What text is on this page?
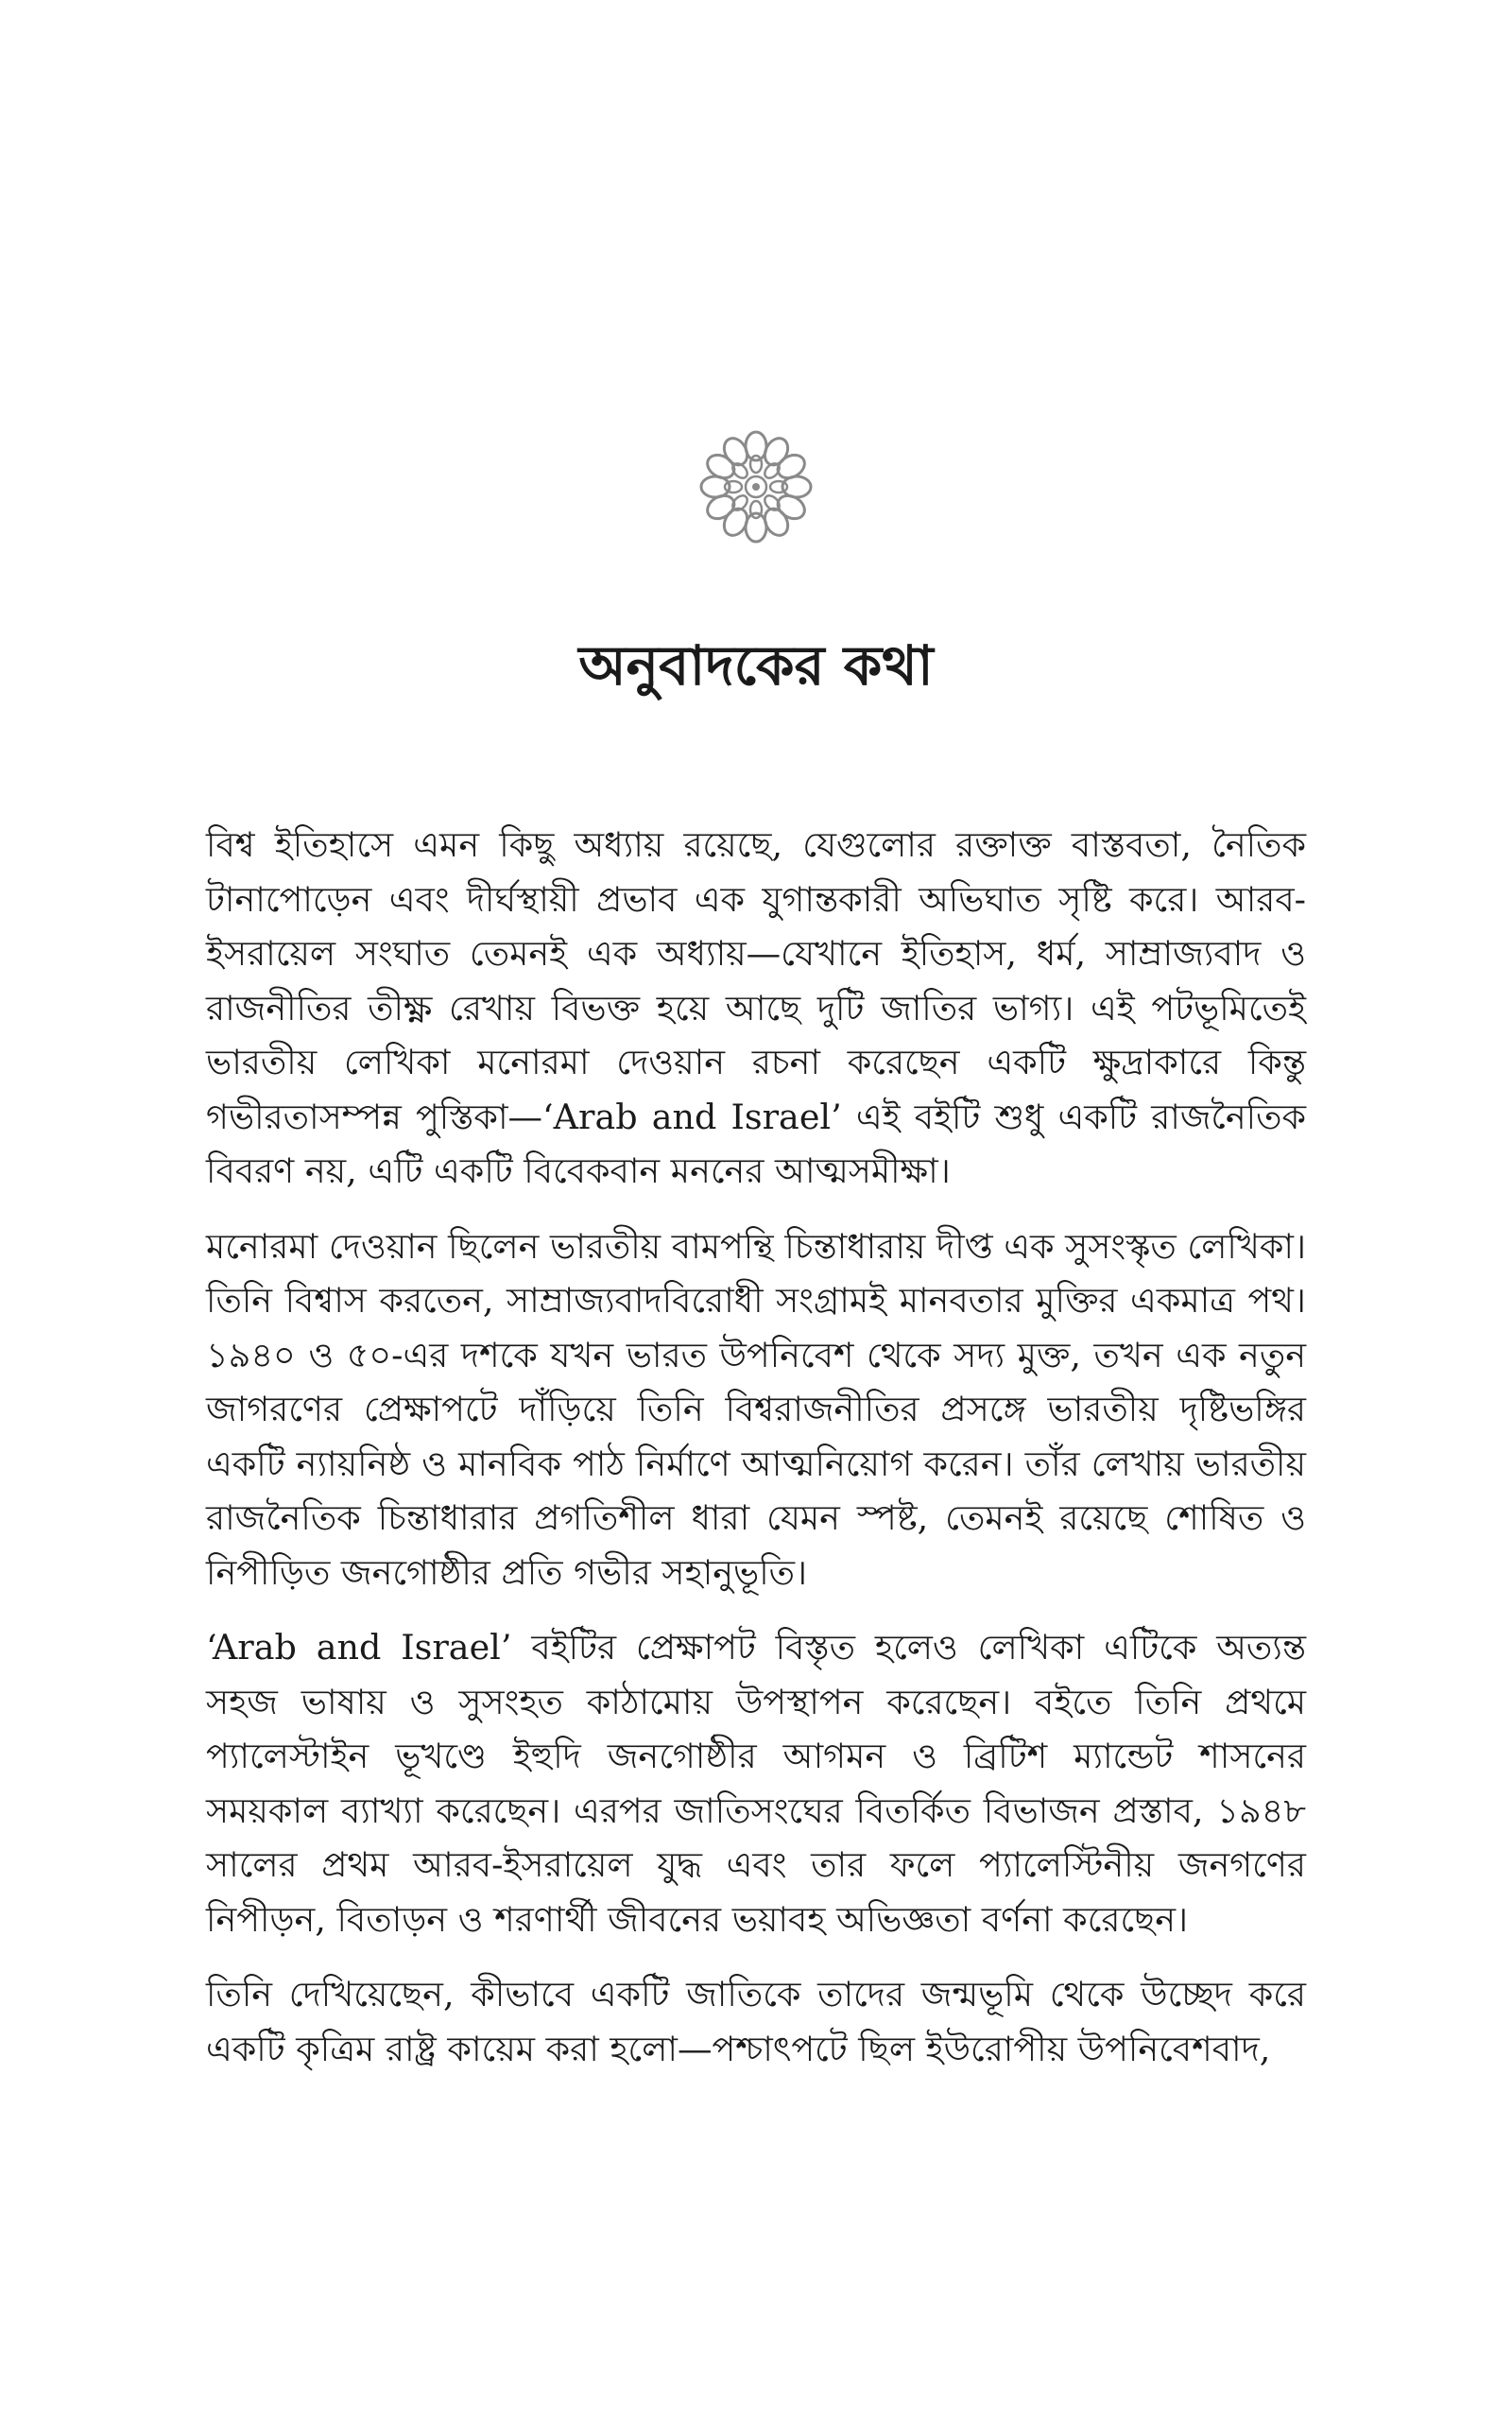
অনুবাদকের কথা

বিশ্ব ইতিহাসে এমন কিছু অধ্যায় রয়েছে, যেগুলোর রক্তাক্ত বাস্তবতা, নৈতিক টানাপোড়েন এবং দীর্ঘস্থায়ী প্রভাব এক যুগান্তকারী অভিঘাত সৃষ্টি করে। আরব-ইসরায়েল সংঘাত তেমনই এক অধ্যায়—যেখানে ইতিহাস, ধর্ম, সাম্রাজ্যবাদ ও রাজনীতির তীক্ষ্ণ রেখায় বিভক্ত হয়ে আছে দুটি জাতির ভাগ্য। এই পটভূমিতেই ভারতীয় লেখিকা মনোরমা দেওয়ান রচনা করেছেন একটি ক্ষুদ্রাকারে কিন্তু গভীরতাসম্পন্ন পুস্তিকা—‘Arab and Israel’ এই বইটি শুধু একটি রাজনৈতিক বিবরণ নয়, এটি একটি বিবেকবান মননের আত্মসমীক্ষা।

মনোরমা দেওয়ান ছিলেন ভারতীয় বামপন্থি চিন্তাধারায় দীপ্ত এক সুসংস্কৃত লেখিকা। তিনি বিশ্বাস করতেন, সাম্রাজ্যবাদবিরোধী সংগ্রামই মানবতার মুক্তির একমাত্র পথ। ১৯৪০ ও ৫০-এর দশকে যখন ভারত উপনিবেশ থেকে সদ্য মুক্ত, তখন এক নতুন জাগরণের প্রেক্ষাপটে দাঁড়িয়ে তিনি বিশ্বরাজনীতির প্রসঙ্গে ভারতীয় দৃষ্টিভঙ্গির একটি ন্যায়নিষ্ঠ ও মানবিক পাঠ নির্মাণে আত্মনিয়োগ করেন। তাঁর লেখায় ভারতীয় রাজনৈতিক চিন্তাধারার প্রগতিশীল ধারা যেমন স্পষ্ট, তেমনই রয়েছে শোষিত ও নিপীড়িত জনগোষ্ঠীর প্রতি গভীর সহানুভূতি।

‘Arab and Israel’ বইটির প্রেক্ষাপট বিস্তৃত হলেও লেখিকা এটিকে অত্যন্ত সহজ ভাষায় ও সুসংহত কাঠামোয় উপস্থাপন করেছেন। বইতে তিনি প্রথমে প্যালেস্টাইন ভূখণ্ডে ইহুদি জনগোষ্ঠীর আগমন ও ব্রিটিশ ম্যান্ডেট শাসনের সময়কাল ব্যাখ্যা করেছেন। এরপর জাতিসংঘের বিতর্কিত বিভাজন প্রস্তাব, ১৯৪৮ সালের প্রথম আরব-ইসরায়েল যুদ্ধ এবং তার ফলে প্যালেস্টিনীয় জনগণের নিপীড়ন, বিতাড়ন ও শরণার্থী জীবনের ভয়াবহ অভিজ্ঞতা বর্ণনা করেছেন।

তিনি দেখিয়েছেন, কীভাবে একটি জাতিকে তাদের জন্মভূমি থেকে উচ্ছেদ করে একটি কৃত্রিম রাষ্ট্র কায়েম করা হলো—পশ্চাৎপটে ছিল ইউরোপীয় উপনিবেশবাদ,
